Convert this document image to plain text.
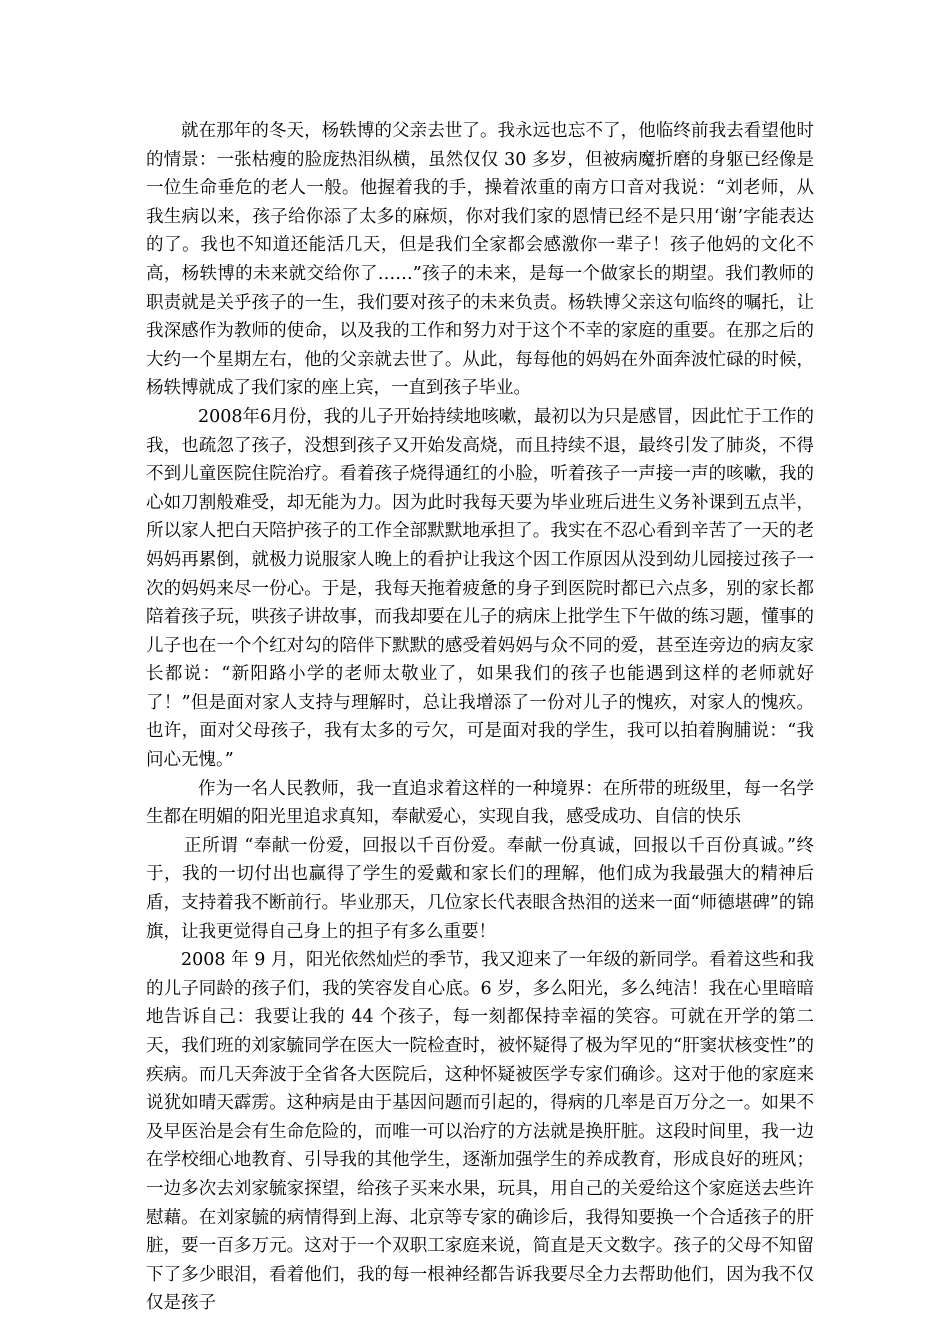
就在那年的冬天，杨轶博的父亲去世了。我永远也忘不了，他临终前我去看望他时的情景：一张枯瘦的脸庞热泪纵横，虽然仅仅 30 多岁，但被病魔折磨的身躯已经像是一位生命垂危的老人一般。他握着我的手，操着浓重的南方口音对我说：“刘老师，从我生病以来，孩子给你添了太多的麻烦，你对我们家的恩情已经不是只用‘谢’字能表达的了。我也不知道还能活几天，但是我们全家都会感激你一辈子！孩子他妈的文化不高，杨轶博的未来就交给你了……”孩子的未来，是每一个做家长的期望。我们教师的职责就是关乎孩子的一生，我们要对孩子的未来负责。杨轶博父亲这句临终的嘱托，让我深感作为教师的使命，以及我的工作和努力对于这个不幸的家庭的重要。在那之后的大约一个星期左右，他的父亲就去世了。从此，每每他的妈妈在外面奔波忙碌的时候，杨轶博就成了我们家的座上宾，一直到孩子毕业。

2008年6月份，我的儿子开始持续地咳嗽，最初以为只是感冒，因此忙于工作的我，也疏忽了孩子，没想到孩子又开始发高烧，而且持续不退，最终引发了肺炎，不得不到儿童医院住院治疗。看着孩子烧得通红的小脸，听着孩子一声接一声的咳嗽，我的心如刀割般难受，却无能为力。因为此时我每天要为毕业班后进生义务补课到五点半，所以家人把白天陪护孩子的工作全部默默地承担了。我实在不忍心看到辛苦了一天的老妈妈再累倒，就极力说服家人晚上的看护让我这个因工作原因从没到幼儿园接过孩子一次的妈妈来尽一份心。于是，我每天拖着疲惫的身子到医院时都已六点多，别的家长都陪着孩子玩，哄孩子讲故事，而我却要在儿子的病床上批学生下午做的练习题，懂事的儿子也在一个个红对勾的陪伴下默默的感受着妈妈与众不同的爱，甚至连旁边的病友家长都说：“新阳路小学的老师太敬业了，如果我们的孩子也能遇到这样的老师就好了！”但是面对家人支持与理解时，总让我增添了一份对儿子的愧疚，对家人的愧疚。也许，面对父母孩子，我有太多的亏欠，可是面对我的学生，我可以拍着胸脯说：“我问心无愧。”

作为一名人民教师，我一直追求着这样的一种境界：在所带的班级里，每一名学生都在明媚的阳光里追求真知，奉献爱心，实现自我，感受成功、自信的快乐

正所谓 “奉献一份爱，回报以千百份爱。奉献一份真诚，回报以千百份真诚。”终于，我的一切付出也赢得了学生的爱戴和家长们的理解，他们成为我最强大的精神后盾，支持着我不断前行。毕业那天，几位家长代表眼含热泪的送来一面“师德堪碑”的锦旗，让我更觉得自己身上的担子有多么重要！

2008 年 9 月，阳光依然灿烂的季节，我又迎来了一年级的新同学。看着这些和我的儿子同龄的孩子们，我的笑容发自心底。6 岁，多么阳光，多么纯洁！我在心里暗暗地告诉自己：我要让我的 44 个孩子，每一刻都保持幸福的笑容。可就在开学的第二天，我们班的刘家毓同学在医大一院检查时，被怀疑得了极为罕见的“肝窦状核变性”的疾病。而几天奔波于全省各大医院后，这种怀疑被医学专家们确诊。这对于他的家庭来说犹如晴天霹雳。这种病是由于基因问题而引起的，得病的几率是百万分之一。如果不及早医治是会有生命危险的，而唯一可以治疗的方法就是换肝脏。这段时间里，我一边在学校细心地教育、引导我的其他学生，逐渐加强学生的养成教育，形成良好的班风；一边多次去刘家毓家探望，给孩子买来水果，玩具，用自己的关爱给这个家庭送去些许慰藉。在刘家毓的病情得到上海、北京等专家的确诊后，我得知要换一个合适孩子的肝脏，要一百多万元。这对于一个双职工家庭来说，简直是天文数字。孩子的父母不知留下了多少眼泪，看着他们，我的每一根神经都告诉我要尽全力去帮助他们，因为我不仅仅是孩子
